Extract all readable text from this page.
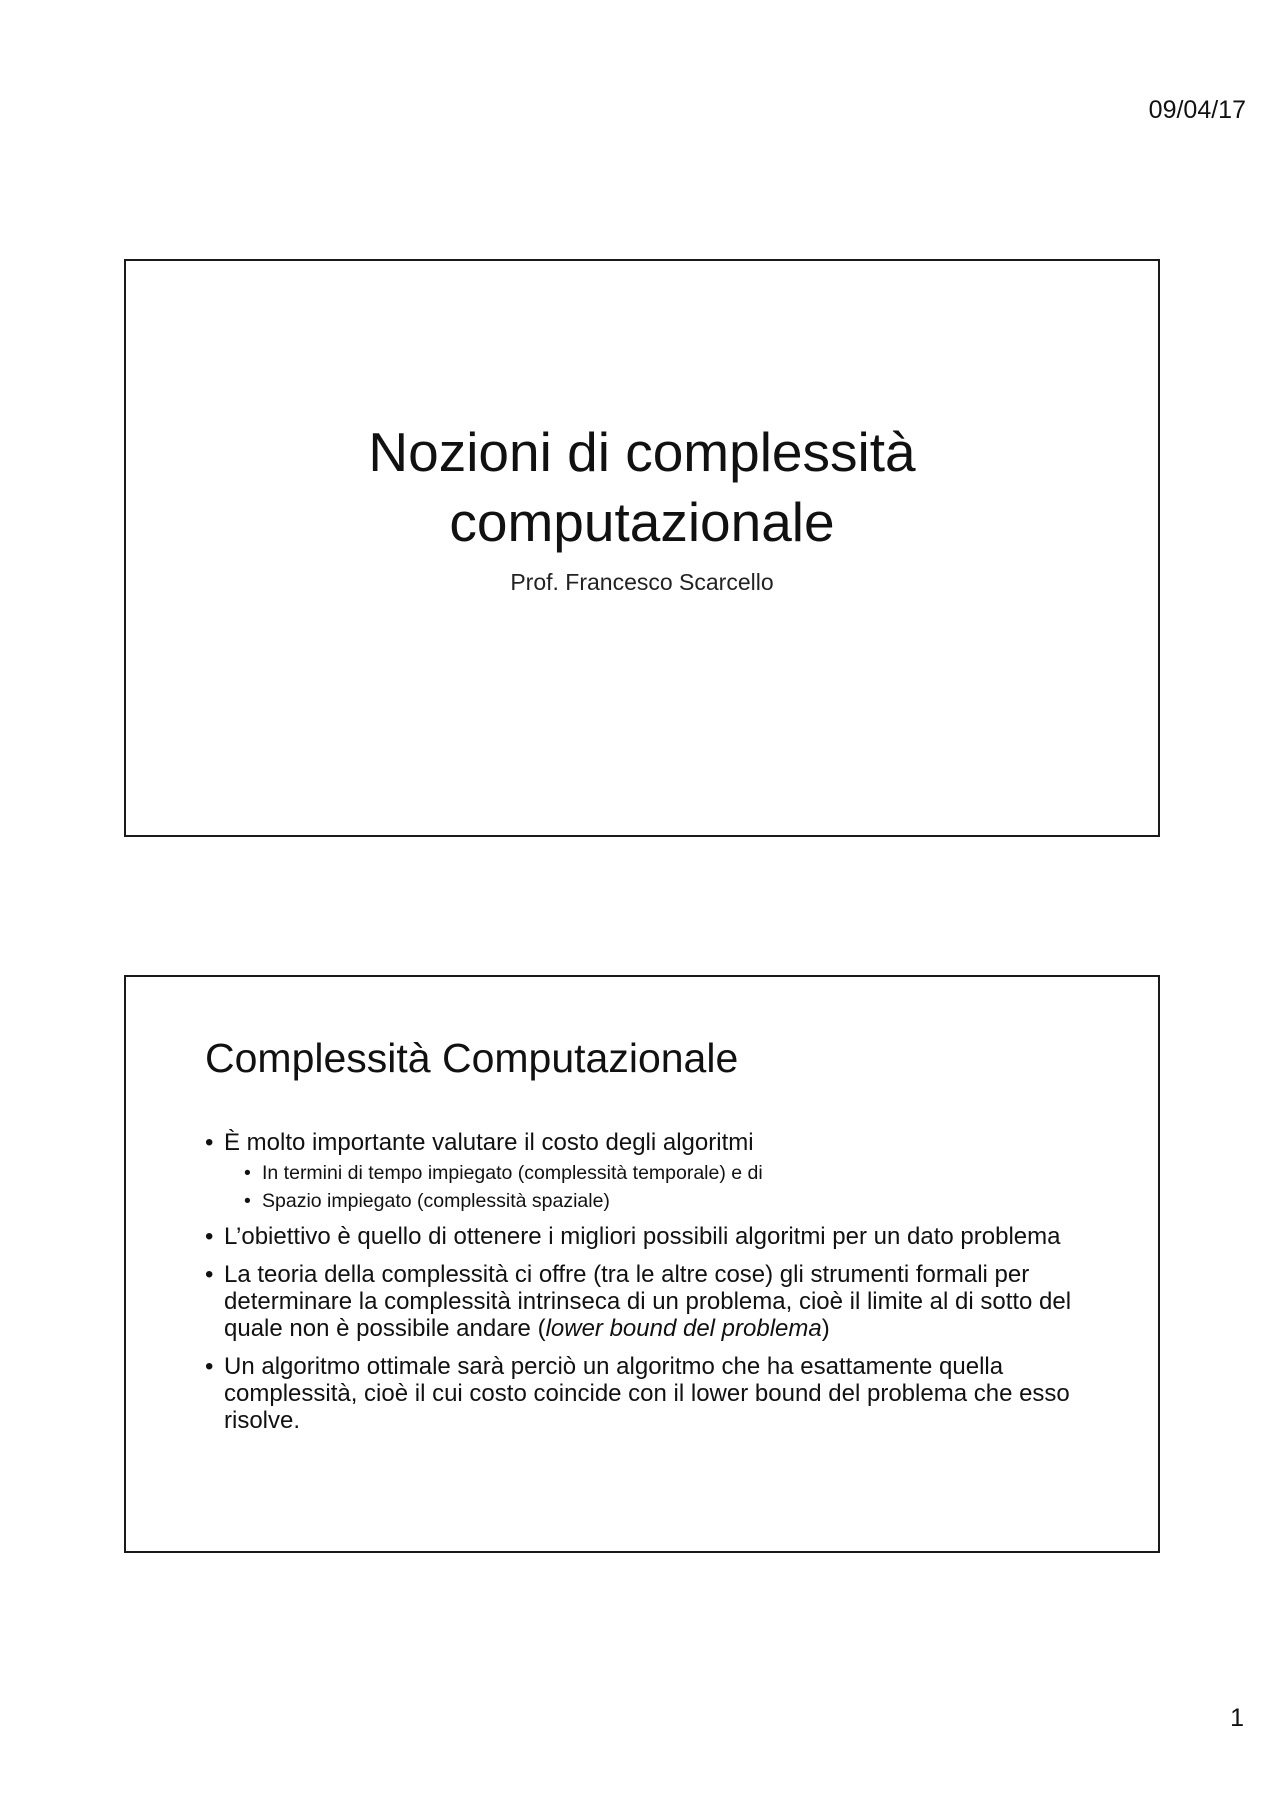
09/04/17
Nozioni di complessità
computazionale
Prof. Francesco Scarcello
Complessità Computazionale
• È molto importante valutare il costo degli algoritmi
• In termini di tempo impiegato (complessità temporale) e di
• Spazio impiegato (complessità spaziale)
• L’obiettivo è quello di ottenere i migliori possibili algoritmi per un dato problema
• La teoria della complessità ci offre (tra le altre cose) gli strumenti formali per determinare la complessità intrinseca di un problema, cioè il limite al di sotto del quale non è possibile andare (lower bound del problema)
• Un algoritmo ottimale sarà perciò un algoritmo che ha esattamente quella complessità, cioè il cui costo coincide con il lower bound del problema che esso risolve.
1
